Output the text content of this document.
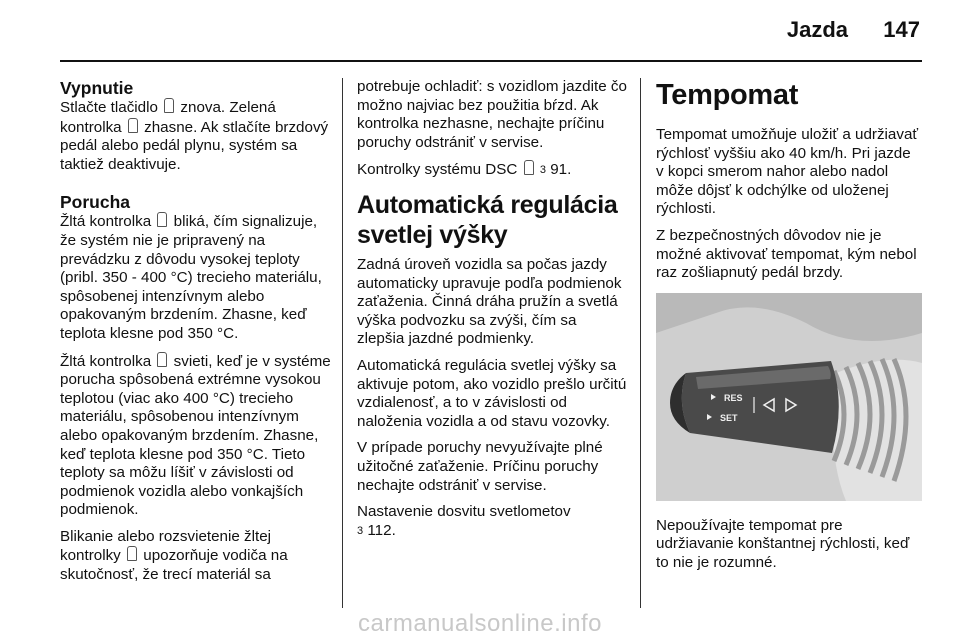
Jazda 147
Vypnutie

Stlačte tlačidlo znova. Zelená kontrolka zhasne. Ak stlačíte brzdový pedál alebo pedál plynu, systém sa taktiež deaktivuje.

Porucha

Žltá kontrolka bliká, čím signalizuje, že systém nie je pripravený na prevádzku z dôvodu vysokej teploty (pribl. 350 - 400 °C) trecieho materiálu, spôsobenej intenzívnym alebo opakovaným brzdením. Zhasne, keď teplota klesne pod 350 °C.

Žltá kontrolka svieti, keď je v systéme porucha spôsobená extrémne vysokou teplotou (viac ako 400 °C) trecieho materiálu, spôsobenou intenzívnym alebo opakovaným brzdením. Zhasne, keď teplota klesne pod 350 °C. Tieto teploty sa môžu líšiť v závislosti od podmienok vozidla alebo vonkajších podmienok.

Blikanie alebo rozsvietenie žltej kontrolky upozorňuje vodiča na skutočnosť, že trecí materiál sa

potrebuje ochladiť: s vozidlom jazdite čo možno najviac bez použitia bŕzd. Ak kontrolka nezhasne, nechajte príčinu poruchy odstrániť v servise.

Kontrolky systému DSC 3 91.

Automatická regulácia svetlej výšky

Zadná úroveň vozidla sa počas jazdy automaticky upravuje podľa podmienok zaťaženia. Činná dráha pružín a svetlá výška podvozku sa zvýši, čím sa zlepšia jazdné podmienky.

Automatická regulácia svetlej výšky sa aktivuje potom, ako vozidlo prešlo určitú vzdialenosť, a to v závislosti od naloženia vozidla a od stavu vozovky.

V prípade poruchy nevyužívajte plné užitočné zaťaženie. Príčinu poruchy nechajte odstrániť v servise.

Nastavenie dosvitu svetlometov
3 112.

Tempomat

Tempomat umožňuje uložiť a udržiavať rýchlosť vyššiu ako 40 km/h. Pri jazde v kopci smerom nahor alebo nadol môže dôjsť k odchýlke od uloženej rýchlosti.

Z bezpečnostných dôvodov nie je možné aktivovať tempomat, kým nebol raz zošliapnutý pedál brzdy.

RES
SET

Nepoužívajte tempomat pre udržiavanie konštantnej rýchlosti, keď to nie je rozumné.

carmanualsonline.info
